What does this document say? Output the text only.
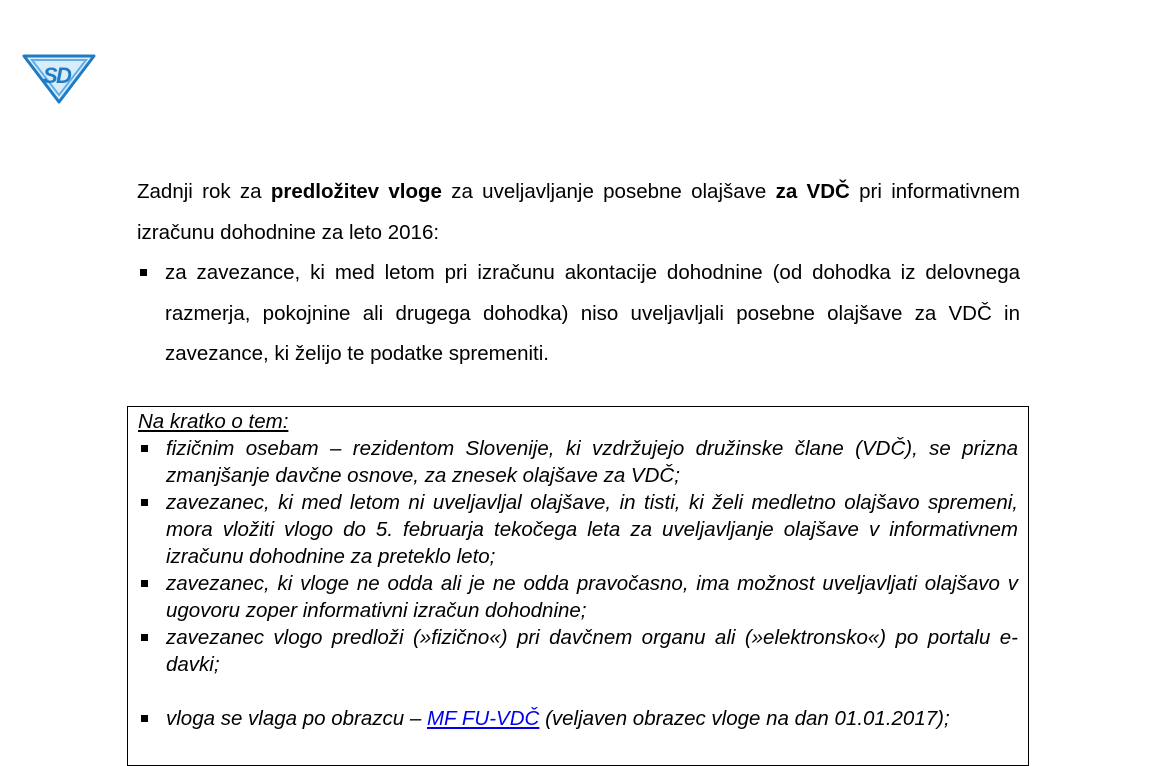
S
D

Zadnji rok za predložitev vloge za uveljavljanje posebne olajšave za VDČ pri informativnem izračunu dohodnine za leto 2016:

za zavezance, ki med letom pri izračunu akontacije dohodnine (od dohodka iz delovnega razmerja, pokojnine ali drugega dohodka) niso uveljavljali posebne olajšave za VDČ in zavezance, ki želijo te podatke spremeniti.

Na kratko o tem:

fizičnim osebam – rezidentom Slovenije, ki vzdržujejo družinske člane (VDČ), se prizna zmanjšanje davčne osnove, za znesek olajšave za VDČ;
zavezanec, ki med letom ni uveljavljal olajšave, in tisti, ki želi medletno olajšavo spremeni, mora vložiti vlogo do 5. februarja tekočega leta za uveljavljanje olajšave v informativnem izračunu dohodnine za preteklo leto;
zavezanec, ki vloge ne odda ali je ne odda pravočasno, ima možnost uveljavljati olajšavo v ugovoru zoper informativni izračun dohodnine;
zavezanec vlogo predloži (»fizično«) pri davčnem organu ali (»elektronsko«) po portalu e-davki;
vloga se vlaga po obrazcu – MF FU-VDČ (veljaven obrazec vloge na dan 01.01.2017);
